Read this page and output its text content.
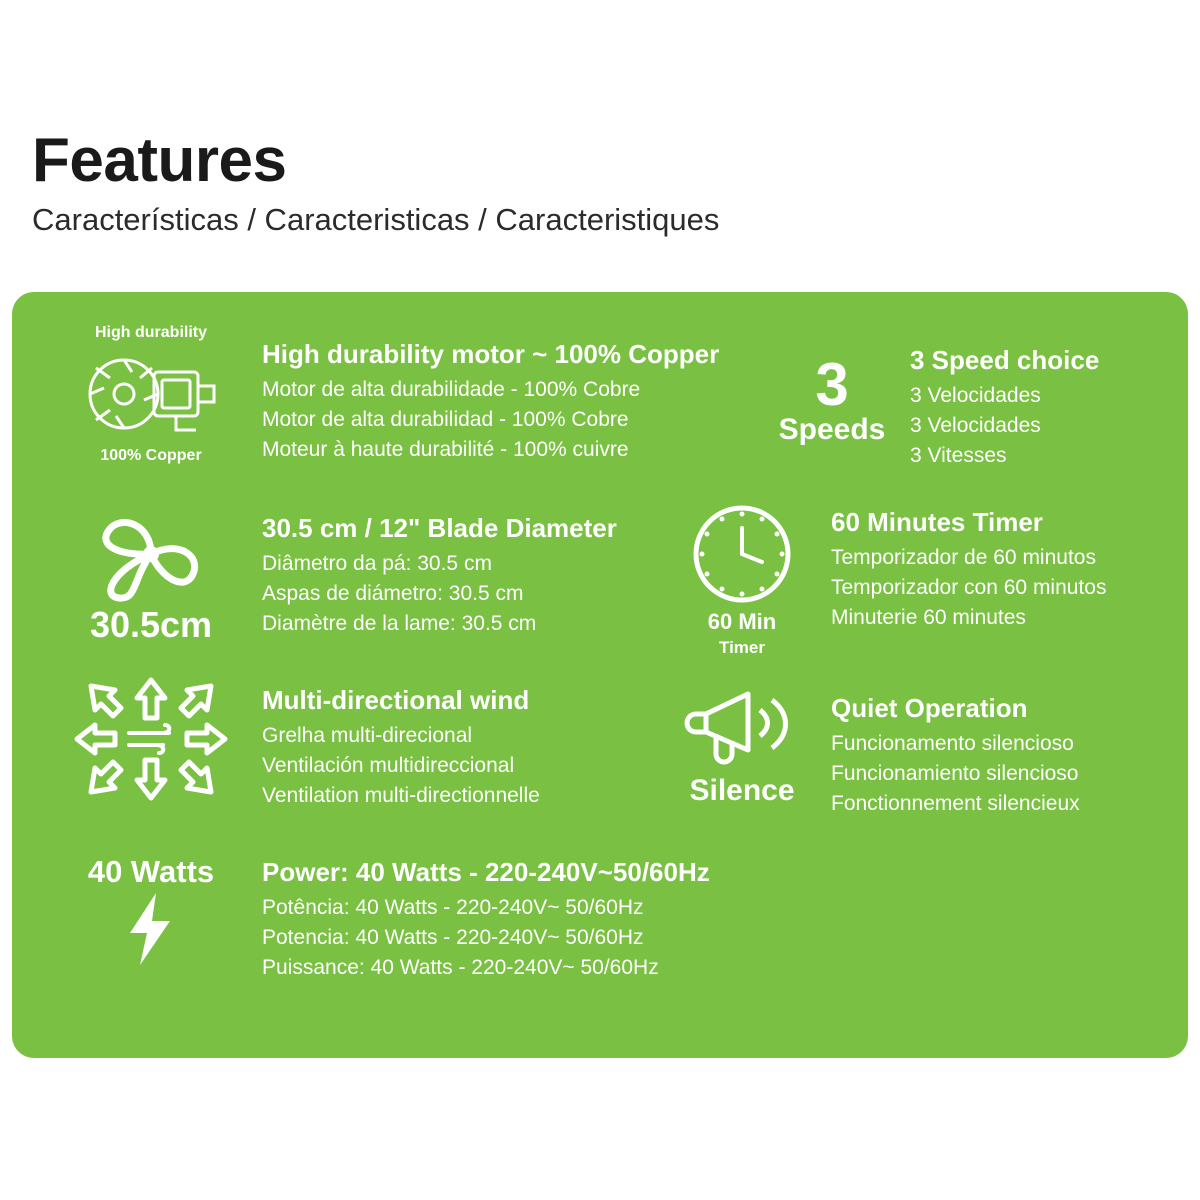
Features
Características / Caracteristicas / Caracteristiques
High durability
100% Copper
High durability motor ~ 100% Copper
Motor de alta durabilidade - 100% Cobre
Motor de alta durabilidad - 100% Cobre
Moteur à haute durabilité - 100% cuivre
3
Speeds
3 Speed choice
3 Velocidades
3 Velocidades
3 Vitesses
30.5cm
30.5 cm / 12" Blade Diameter
Diâmetro da pá: 30.5 cm
Aspas de diámetro: 30.5 cm
Diamètre de la lame: 30.5 cm	60 Min
Timer
60 Minutes Timer
Temporizador de 60 minutos
Temporizador con 60 minutos
Minuterie 60 minutes
Multi-directional wind
Grelha multi-direcional
Ventilación multidireccional
Ventilation multi-directionnelle	Silence
Quiet Operation
Funcionamento silencioso
Funcionamiento silencioso
Fonctionnement silencieux
40 Watts Power: 40 Watts - 220-240V~50/60Hz
Potência: 40 Watts - 220-240V~ 50/60Hz
Potencia: 40 Watts - 220-240V~ 50/60Hz
Puissance: 40 Watts - 220-240V~ 50/60Hz
